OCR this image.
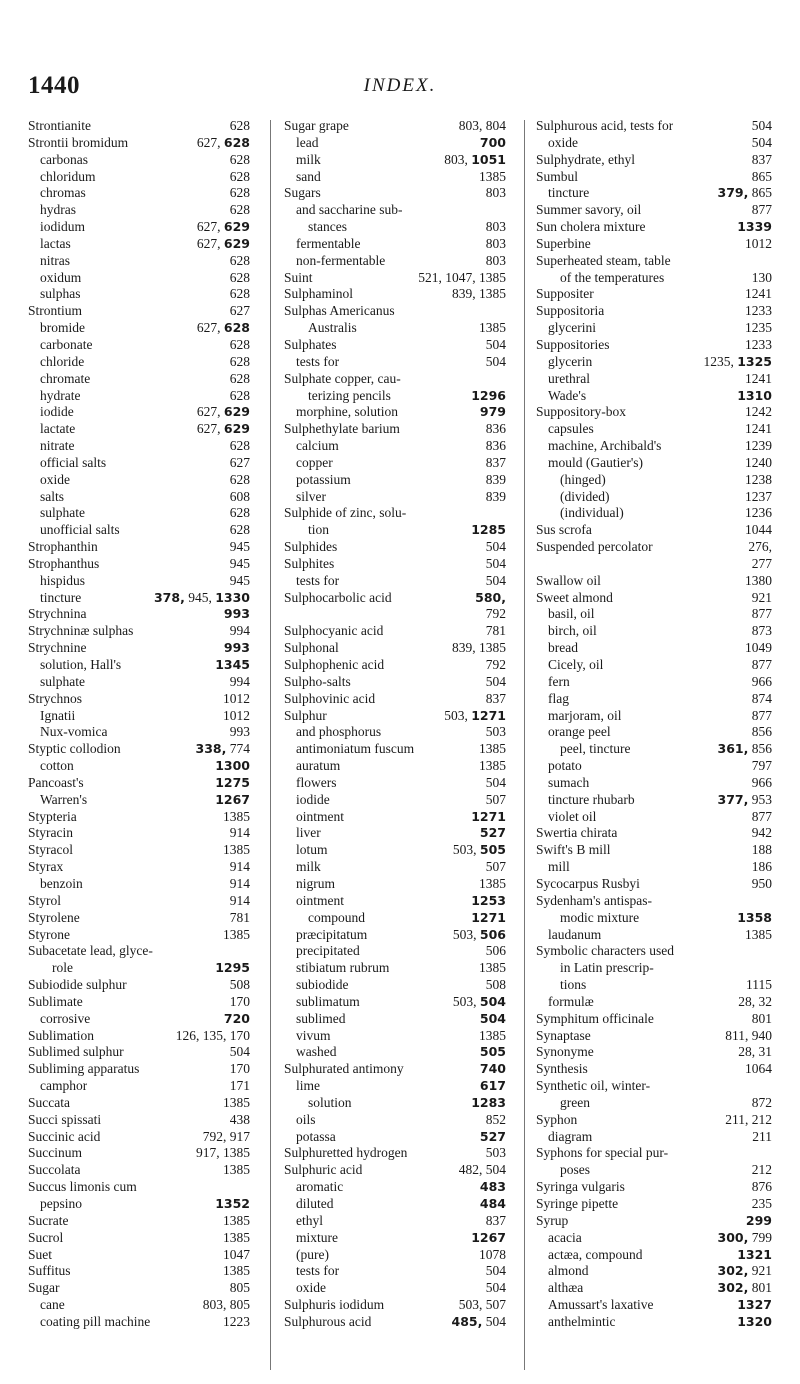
1440	INDEX.
Strontianite	628
Strontii bromidum	627, 628
carbonas	628
chloridum	628
chromas	628
hydras	628
iodidum	627, 629
lactas	627, 629
nitras	628
oxidum	628
sulphas	628
Strontium	627
bromide	627, 628
carbonate	628
chloride	628
chromate	628
hydrate	628
iodide	627, 629
lactate	627, 629
nitrate	628
official salts	627
oxide	628
salts	608
sulphate	628
unofficial salts	628
Strophanthin	945
Strophanthus	945
hispidus	945
tincture	378, 945, 1330
Strychnina	993
Strychninæ sulphas	994
Strychnine	993
solution, Hall's	1345
sulphate	994
Strychnos	1012
Ignatii	1012
Nux-vomica	993
Styptic collodion	338, 774
cotton	1300
Pancoast's	1275
Warren's	1267
Stypteria	1385
Styracin	914
Styracol	1385
Styrax	914
benzoin	914
Styrol	914
Styrolene	781
Styrone	1385
Subacetate lead, glyce-
role	1295
Subiodide sulphur	508
Sublimate	170
corrosive	720
Sublimation	126, 135, 170
Sublimed sulphur	504
Subliming apparatus	170
camphor	171
Succata	1385
Succi spissati	438
Succinic acid	792, 917
Succinum	917, 1385
Succolata	1385
Succus limonis cum
pepsino	1352
Sucrate	1385
Sucrol	1385
Suet	1047
Suffitus	1385
Sugar	805
cane	803, 805
coating pill machine	1223
Sugar grape	803, 804
lead	700
milk	803, 1051
sand	1385
Sugars	803
and saccharine sub-
stances	803
fermentable	803
non-fermentable	803
Suint	521, 1047, 1385
Sulphaminol	839, 1385
Sulphas Americanus
Australis	1385
Sulphates	504
tests for	504
Sulphate copper, cau-
terizing pencils	1296
morphine, solution	979
Sulphethylate barium	836
calcium	836
copper	837
potassium	839
silver	839
Sulphide of zinc, solu-
tion	1285
Sulphides	504
Sulphites	504
tests for	504
Sulphocarbolic acid	580,
792
Sulphocyanic acid	781
Sulphonal	839, 1385
Sulphophenic acid	792
Sulpho-salts	504
Sulphovinic acid	837
Sulphur	503, 1271
and phosphorus	503
antimoniatum fuscum	1385
auratum	1385
flowers	504
iodide	507
ointment	1271
liver	527
lotum	503, 505
milk	507
nigrum	1385
ointment	1253
compound	1271
præcipitatum	503, 506
precipitated	506
stibiatum rubrum	1385
subiodide	508
sublimatum	503, 504
sublimed	504
vivum	1385
washed	505
Sulphurated antimony	740
lime	617
solution	1283
oils	852
potassa	527
Sulphuretted hydrogen	503
Sulphuric acid	482, 504
aromatic	483
diluted	484
ethyl	837
mixture	1267
(pure)	1078
tests for	504
oxide	504
Sulphuris iodidum	503, 507
Sulphurous acid	485, 504
Sulphurous acid, tests for	504
oxide	504
Sulphydrate, ethyl	837
Sumbul	865
tincture	379, 865
Summer savory, oil	877
Sun cholera mixture	1339
Superbine	1012
Superheated steam, table
of the temperatures	130
Suppositer	1241
Suppositoria	1233
glycerini	1235
Suppositories	1233
glycerin	1235, 1325
urethral	1241
Wade's	1310
Suppository-box	1242
capsules	1241
machine, Archibald's	1239
mould (Gautier's)	1240
(hinged)	1238
(divided)	1237
(individual)	1236
Sus scrofa	1044
Suspended percolator	276,
277
Swallow oil	1380
Sweet almond	921
basil, oil	877
birch, oil	873
bread	1049
Cicely, oil	877
fern	966
flag	874
marjoram, oil	877
orange peel	856
peel, tincture	361, 856
potato	797
sumach	966
tincture rhubarb	377, 953
violet oil	877
Swertia chirata	942
Swift's B mill	188
mill	186
Sycocarpus Rusbyi	950
Sydenham's antispas-
modic mixture	1358
laudanum	1385
Symbolic characters used
in Latin prescrip-
tions	1115
formulæ	28, 32
Symphitum officinale	801
Synaptase	811, 940
Synonyme	28, 31
Synthesis	1064
Synthetic oil, winter-
green	872
Syphon	211, 212
diagram	211
Syphons for special pur-
poses	212
Syringa vulgaris	876
Syringe pipette	235
Syrup	299
acacia	300, 799
actæa, compound	1321
almond	302, 921
althæa	302, 801
Amussart's laxative	1327
anthelmintic	1320
